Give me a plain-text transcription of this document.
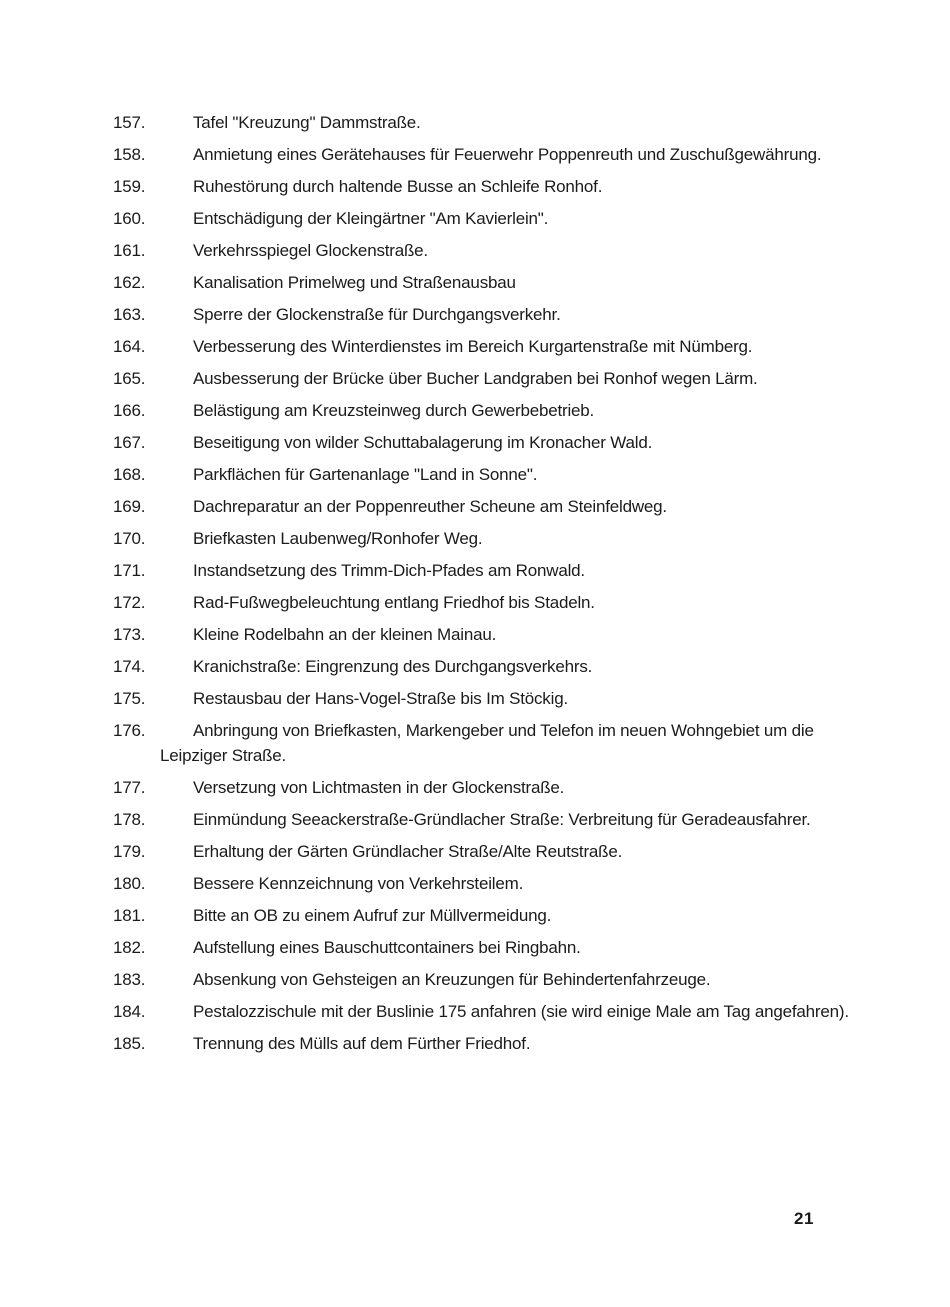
157.	Tafel "Kreuzung" Dammstraße.
158.	Anmietung eines Gerätehauses für Feuerwehr Poppenreuth und Zuschußgewährung.
159.	Ruhestörung durch haltende Busse an Schleife Ronhof.
160.	Entschädigung der Kleingärtner "Am Kavierlein".
161.	Verkehrsspiegel Glockenstraße.
162.	Kanalisation Primelweg und Straßenausbau
163.	Sperre der Glockenstraße für Durchgangsverkehr.
164.	Verbesserung des Winterdienstes im Bereich Kurgartenstraße mit Nümberg.
165.	Ausbesserung der Brücke über Bucher Landgraben bei Ronhof wegen Lärm.
166.	Belästigung am Kreuzsteinweg durch Gewerbebetrieb.
167.	Beseitigung von wilder Schuttabalagerung im Kronacher Wald.
168.	Parkflächen für Gartenanlage "Land in Sonne".
169.	Dachreparatur an der Poppenreuther Scheune am Steinfeldweg.
170.	Briefkasten Laubenweg/Ronhofer Weg.
171.	Instandsetzung des Trimm-Dich-Pfades am Ronwald.
172.	Rad-Fußwegbeleuchtung entlang Friedhof bis Stadeln.
173.	Kleine Rodelbahn an der kleinen Mainau.
174.	Kranichstraße: Eingrenzung des Durchgangsverkehrs.
175.	Restausbau der Hans-Vogel-Straße bis Im Stöckig.
176.	Anbringung von Briefkasten, Markengeber und Telefon im neuen Wohngebiet um die
Leipziger Straße.
177.	Versetzung von Lichtmasten in der Glockenstraße.
178.	Einmündung Seeackerstraße-Gründlacher Straße: Verbreitung für Geradeausfahrer.
179.	Erhaltung der Gärten Gründlacher Straße/Alte Reutstraße.
180.	Bessere Kennzeichnung von Verkehrsteilem.
181.	Bitte an OB zu einem Aufruf zur Müllvermeidung.
182.	Aufstellung eines Bauschuttcontainers bei Ringbahn.
183.	Absenkung von Gehsteigen an Kreuzungen für Behindertenfahrzeuge.
184.	Pestalozzischule mit der Buslinie 175 anfahren (sie wird einige Male am Tag angefahren).
185.	Trennung des Mülls auf dem Fürther Friedhof.
21
